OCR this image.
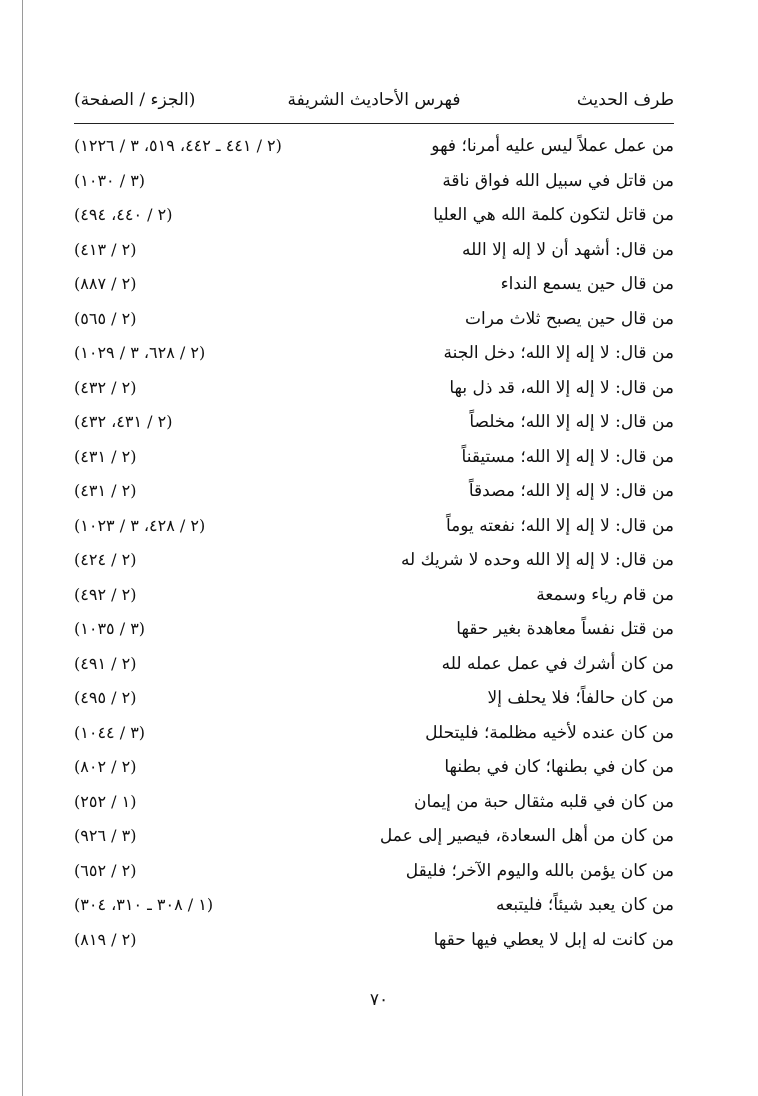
طرف الحديث
فهرس الأحاديث الشريفة
(الجزء / الصفحة)
من عمل عملاً ليس عليه أمرنا؛ فهو
(٢ / ٤٤١ ـ ٤٤٢، ٥١٩، ٣ / ١٢٢٦)
من قاتل في سبيل الله فواق ناقة
(٣ / ١٠٣٠)
من قاتل لتكون كلمة الله هي العليا
(٢ / ٤٤٠، ٤٩٤)
من قال: أشهد أن لا إله إلا الله
(٢ / ٤١٣)
من قال حين يسمع النداء
(٢ / ٨٨٧)
من قال حين يصبح ثلاث مرات
(٢ / ٥٦٥)
من قال: لا إله إلا الله؛ دخل الجنة
(٢ / ٦٢٨، ٣ / ١٠٢٩)
من قال: لا إله إلا الله، قد ذل بها
(٢ / ٤٣٢)
من قال: لا إله إلا الله؛ مخلصاً
(٢ / ٤٣١، ٤٣٢)
من قال: لا إله إلا الله؛ مستيقناً
(٢ / ٤٣١)
من قال: لا إله إلا الله؛ مصدقاً
(٢ / ٤٣١)
من قال: لا إله إلا الله؛ نفعته يوماً
(٢ / ٤٢٨، ٣ / ١٠٢٣)
من قال: لا إله إلا الله وحده لا شريك له
(٢ / ٤٢٤)
من قام رياء وسمعة
(٢ / ٤٩٢)
من قتل نفساً معاهدة بغير حقها
(٣ / ١٠٣٥)
من كان أشرك في عمل عمله لله
(٢ / ٤٩١)
من كان حالفاً؛ فلا يحلف إلا
(٢ / ٤٩٥)
من كان عنده لأخيه مظلمة؛ فليتحلل
(٣ / ١٠٤٤)
من كان في بطنها؛ كان في بطنها
(٢ / ٨٠٢)
من كان في قلبه مثقال حبة من إيمان
(١ / ٢٥٢)
من كان من أهل السعادة، فيصير إلى عمل
(٣ / ٩٢٦)
من كان يؤمن بالله واليوم الآخر؛ فليقل
(٢ / ٦٥٢)
من كان يعبد شيئاً؛ فليتبعه
(١ / ٣٠٨ ـ ٣١٠، ٣٠٤)
من كانت له إبل لا يعطي فيها حقها
(٢ / ٨١٩)
٧٠
